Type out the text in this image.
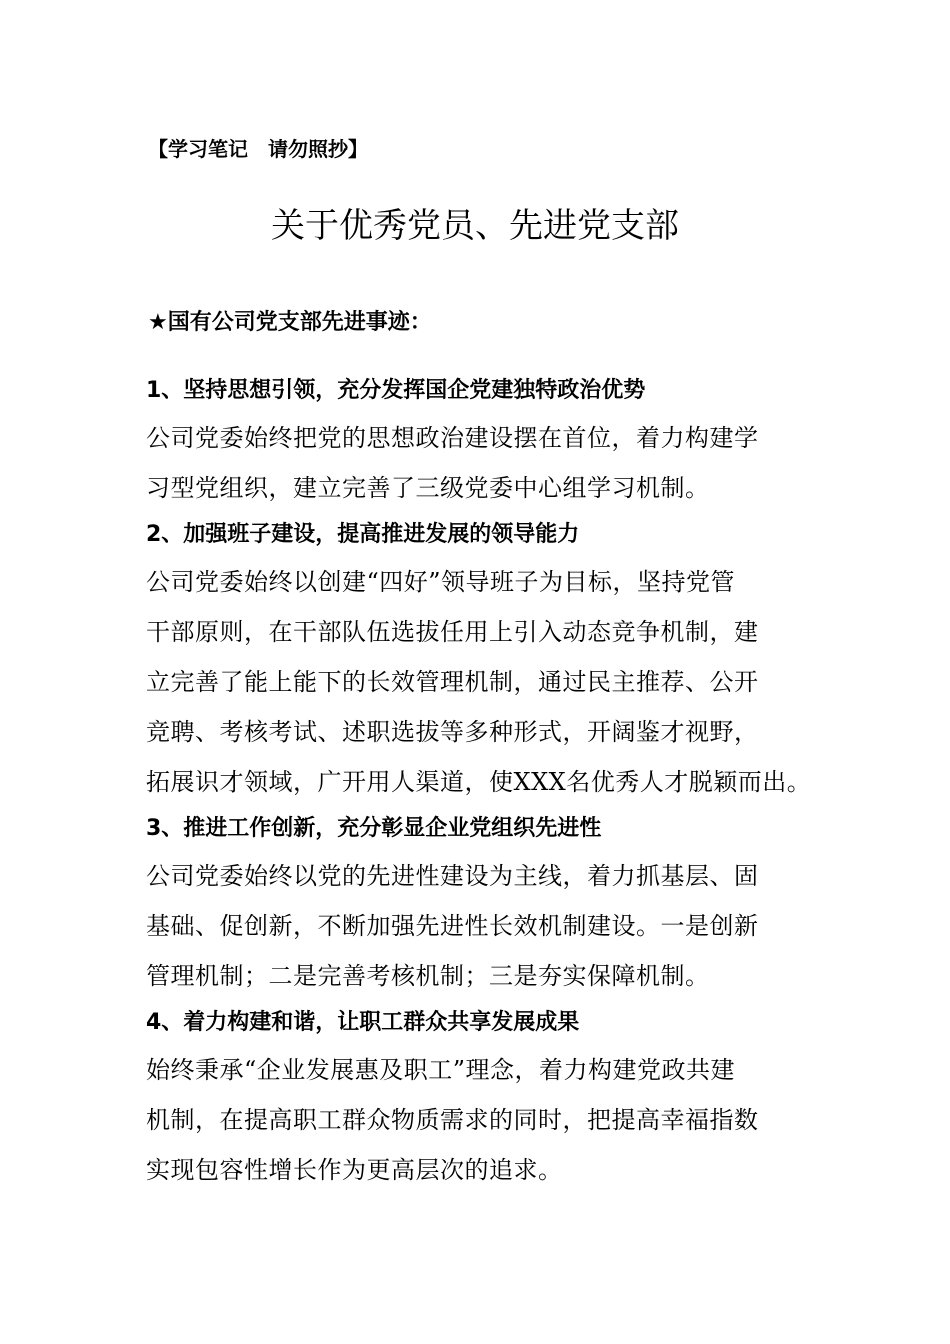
【学习笔记　请勿照抄】
关于优秀党员、先进党支部
★国有公司党支部先进事迹：
1、坚持思想引领，充分发挥国企党建独特政治优势
公司党委始终把党的思想政治建设摆在首位，着力构建学
习型党组织，建立完善了三级党委中心组学习机制。
2、加强班子建设，提高推进发展的领导能力
公司党委始终以创建“四好”领导班子为目标，坚持党管
干部原则，在干部队伍选拔任用上引入动态竞争机制，建
立完善了能上能下的长效管理机制，通过民主推荐、公开
竞聘、考核考试、述职选拔等多种形式，开阔鉴才视野，
拓展识才领域，广开用人渠道，使XXX名优秀人才脱颖而出。
3、推进工作创新，充分彰显企业党组织先进性
公司党委始终以党的先进性建设为主线，着力抓基层、固
基础、促创新，不断加强先进性长效机制建设。一是创新
管理机制；二是完善考核机制；三是夯实保障机制。
4、着力构建和谐，让职工群众共享发展成果
始终秉承“企业发展惠及职工”理念，着力构建党政共建
机制，在提高职工群众物质需求的同时，把提高幸福指数
实现包容性增长作为更高层次的追求。
